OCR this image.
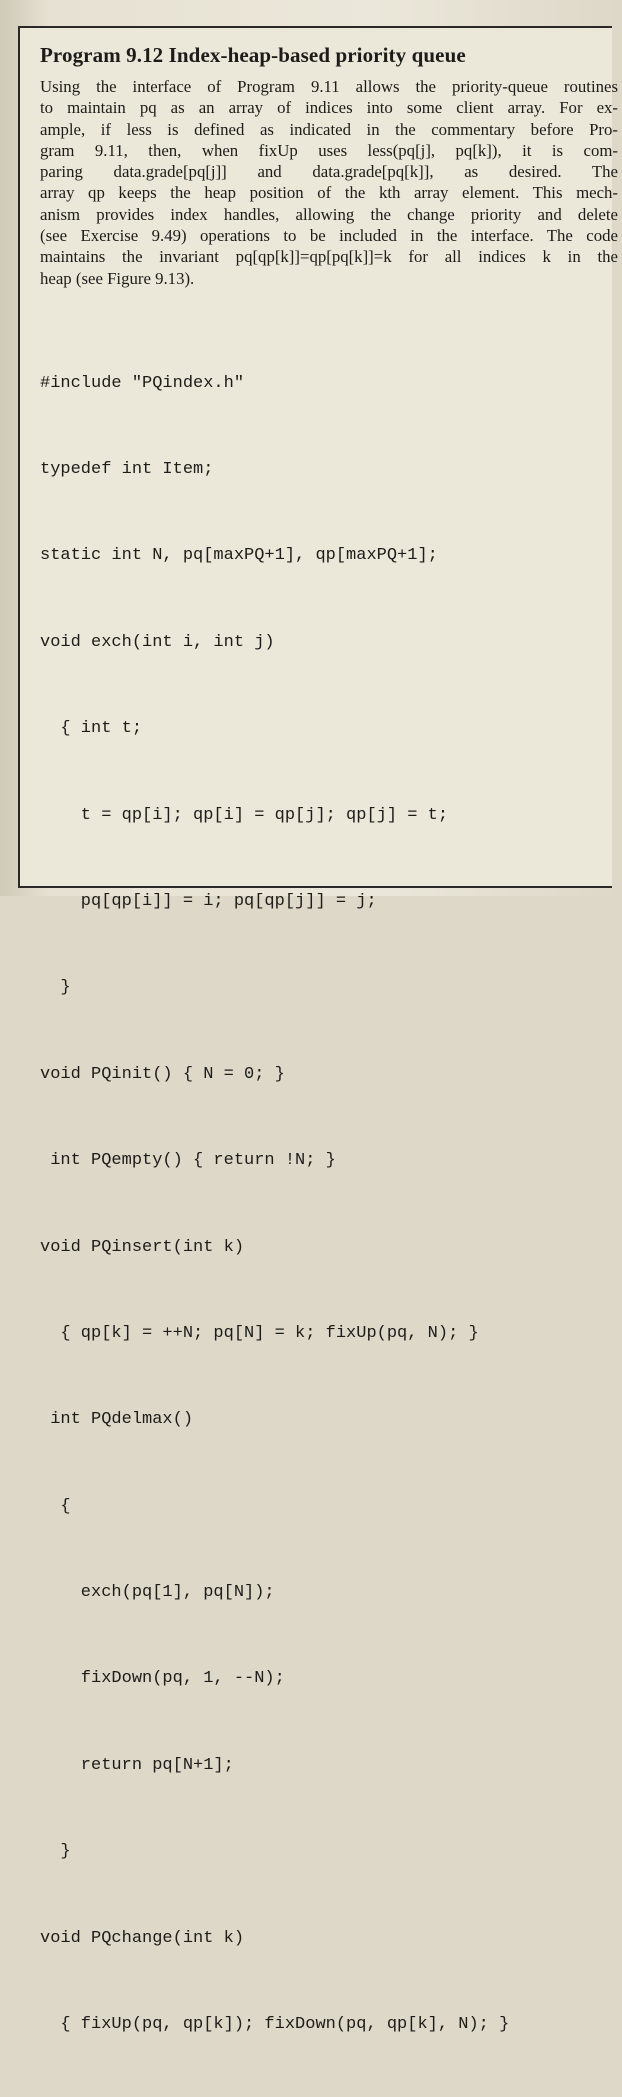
Program 9.12 Index-heap-based priority queue

Using the interface of Program 9.11 allows the priority-queue routines

to maintain pq as an array of indices into some client array. For ex-

ample, if less is defined as indicated in the commentary before Pro-

gram 9.11, then, when fixUp uses less(pq[j], pq[k]), it is com-

paring data.grade[pq[j]] and data.grade[pq[k]], as desired. The

array qp keeps the heap position of the kth array element. This mech-

anism provides index handles, allowing the change priority and delete

(see Exercise 9.49) operations to be included in the interface. The code

maintains the invariant pq[qp[k]]=qp[pq[k]]=k for all indices k in the

heap (see Figure 9.13).

#include "PQindex.h"

typedef int Item;

static int N, pq[maxPQ+1], qp[maxPQ+1];

void exch(int i, int j)

{ int t;

t = qp[i]; qp[i] = qp[j]; qp[j] = t;

pq[qp[i]] = i; pq[qp[j]] = j;

}

void PQinit() { N = 0; }

int PQempty() { return !N; }

void PQinsert(int k)

{ qp[k] = ++N; pq[N] = k; fixUp(pq, N); }

int PQdelmax()

{

exch(pq[1], pq[N]);

fixDown(pq, 1, --N);

return pq[N+1];

}

void PQchange(int k)

{ fixUp(pq, qp[k]); fixDown(pq, qp[k], N); }
